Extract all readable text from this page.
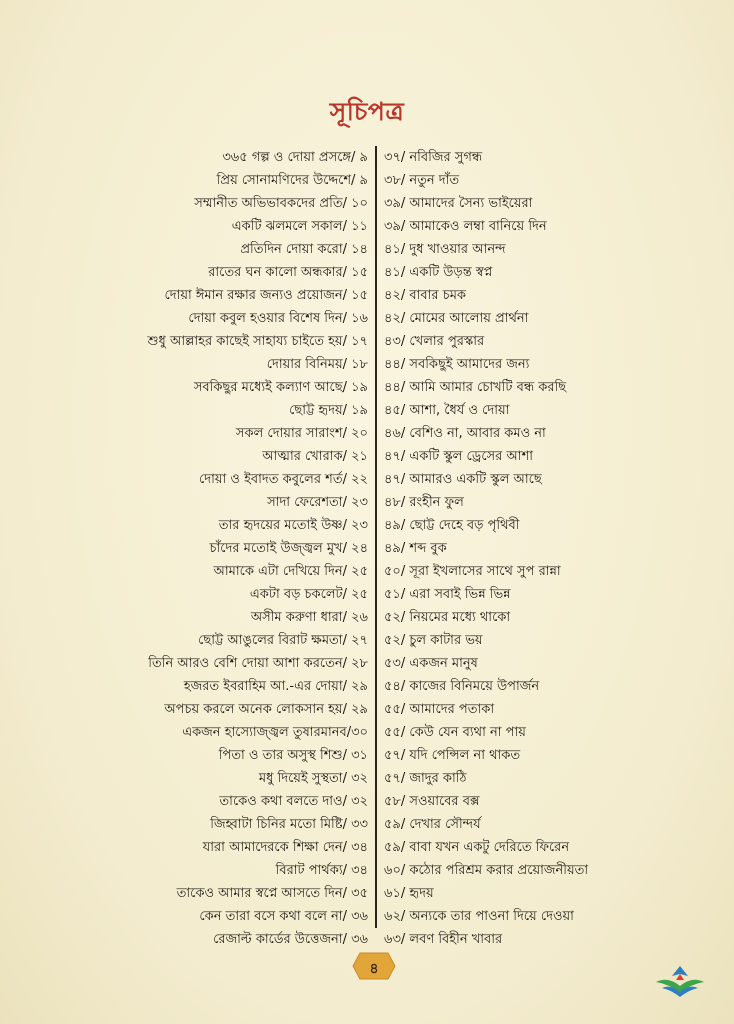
সূচিপত্র
৩৬৫ গল্প ও দোয়া প্রসঙ্গে/ ৯
প্রিয় সোনামণিদের উদ্দেশে/ ৯
সম্মানীত অভিভাবকদের প্রতি/ ১০
একটি ঝলমলে সকাল/ ১১
প্রতিদিন দোয়া করো/ ১৪
রাতের ঘন কালো অন্ধকার/ ১৫
দোয়া ঈমান রক্ষার জন্যও প্রয়োজন/ ১৫
দোয়া কবুল হওয়ার বিশেষ দিন/ ১৬
শুধু আল্লাহর কাছেই সাহায্য চাইতে হয়/ ১৭
দোয়ার বিনিময়/ ১৮
সবকিছুর মধ্যেই কল্যাণ আছে/ ১৯
ছোট্ট হৃদয়/ ১৯
সকল দোয়ার সারাংশ/ ২০
আত্মার খোরাক/ ২১
দোয়া ও ইবাদত কবুলের শর্ত/ ২২
সাদা ফেরেশতা/ ২৩
তার হৃদয়ের মতোই উষ্ণ/ ২৩
চাঁদের মতোই উজ্জ্বল মুখ/ ২৪
আমাকে এটা দেখিয়ে দিন/ ২৫
একটা বড় চকলেট/ ২৫
অসীম করুণা ধারা/ ২৬
ছোট্ট আঙুলের বিরাট ক্ষমতা/ ২৭
তিনি আরও বেশি দোয়া আশা করতেন/ ২৮
হজরত ইবরাহিম আ.-এর দোয়া/ ২৯
অপচয় করলে অনেক লোকসান হয়/ ২৯
একজন হাস্যোজ্জ্বল তুষারমানব/৩০
পিতা ও তার অসুস্থ শিশু/ ৩১
মধু দিয়েই সুস্থতা/ ৩২
তাকেও কথা বলতে দাও/ ৩২
জিহ্বাটা চিনির মতো মিষ্টি/ ৩৩
যারা আমাদেরকে শিক্ষা দেন/ ৩৪
বিরাট পার্থক্য/ ৩৪
তাকেও আমার স্বপ্নে আসতে দিন/ ৩৫
কেন তারা বসে কথা বলে না/ ৩৬
রেজাল্ট কার্ডের উত্তেজনা/ ৩৬
৩৭/ নবিজির সুগন্ধ
৩৮/ নতুন দাঁত
৩৯/ আমাদের সৈন্য ভাইয়েরা
৩৯/ আমাকেও লম্বা বানিয়ে দিন
৪১/ দুধ খাওয়ার আনন্দ
৪১/ একটি উড়ন্ত স্বপ্ন
৪২/ বাবার চমক
৪২/ মোমের আলোয় প্রার্থনা
৪৩/ খেলার পুরস্কার
৪৪/ সবকিছুই আমাদের জন্য
৪৪/ আমি আমার চোখটি বন্ধ করছি
৪৫/ আশা, ধৈর্য ও দোয়া
৪৬/ বেশিও না, আবার কমও না
৪৭/ একটি স্কুল ড্রেসের আশা
৪৭/ আমারও একটি স্কুল আছে
৪৮/ রংহীন ফুল
৪৯/ ছোট্ট দেহে বড় পৃথিবী
৪৯/ শব্দ বুক
৫০/ সূরা ইখলাসের সাথে সুপ রান্না
৫১/ এরা সবাই ভিন্ন ভিন্ন
৫২/ নিয়মের মধ্যে থাকো
৫২/ চুল কাটার ভয়
৫৩/ একজন মানুষ
৫৪/ কাজের বিনিময়ে উপার্জন
৫৫/ আমাদের পতাকা
৫৫/ কেউ যেন ব্যথা না পায়
৫৭/ যদি পেন্সিল না থাকত
৫৭/ জাদুর কাঠি
৫৮/ সওয়াবের বক্স
৫৯/ দেখার সৌন্দর্য
৫৯/ বাবা যখন একটু দেরিতে ফিরেন
৬০/ কঠোর পরিশ্রম করার প্রয়োজনীয়তা
৬১/ হৃদয়
৬২/ অন্যকে তার পাওনা দিয়ে দেওয়া
৬৩/ লবণ বিহীন খাবার
৪
